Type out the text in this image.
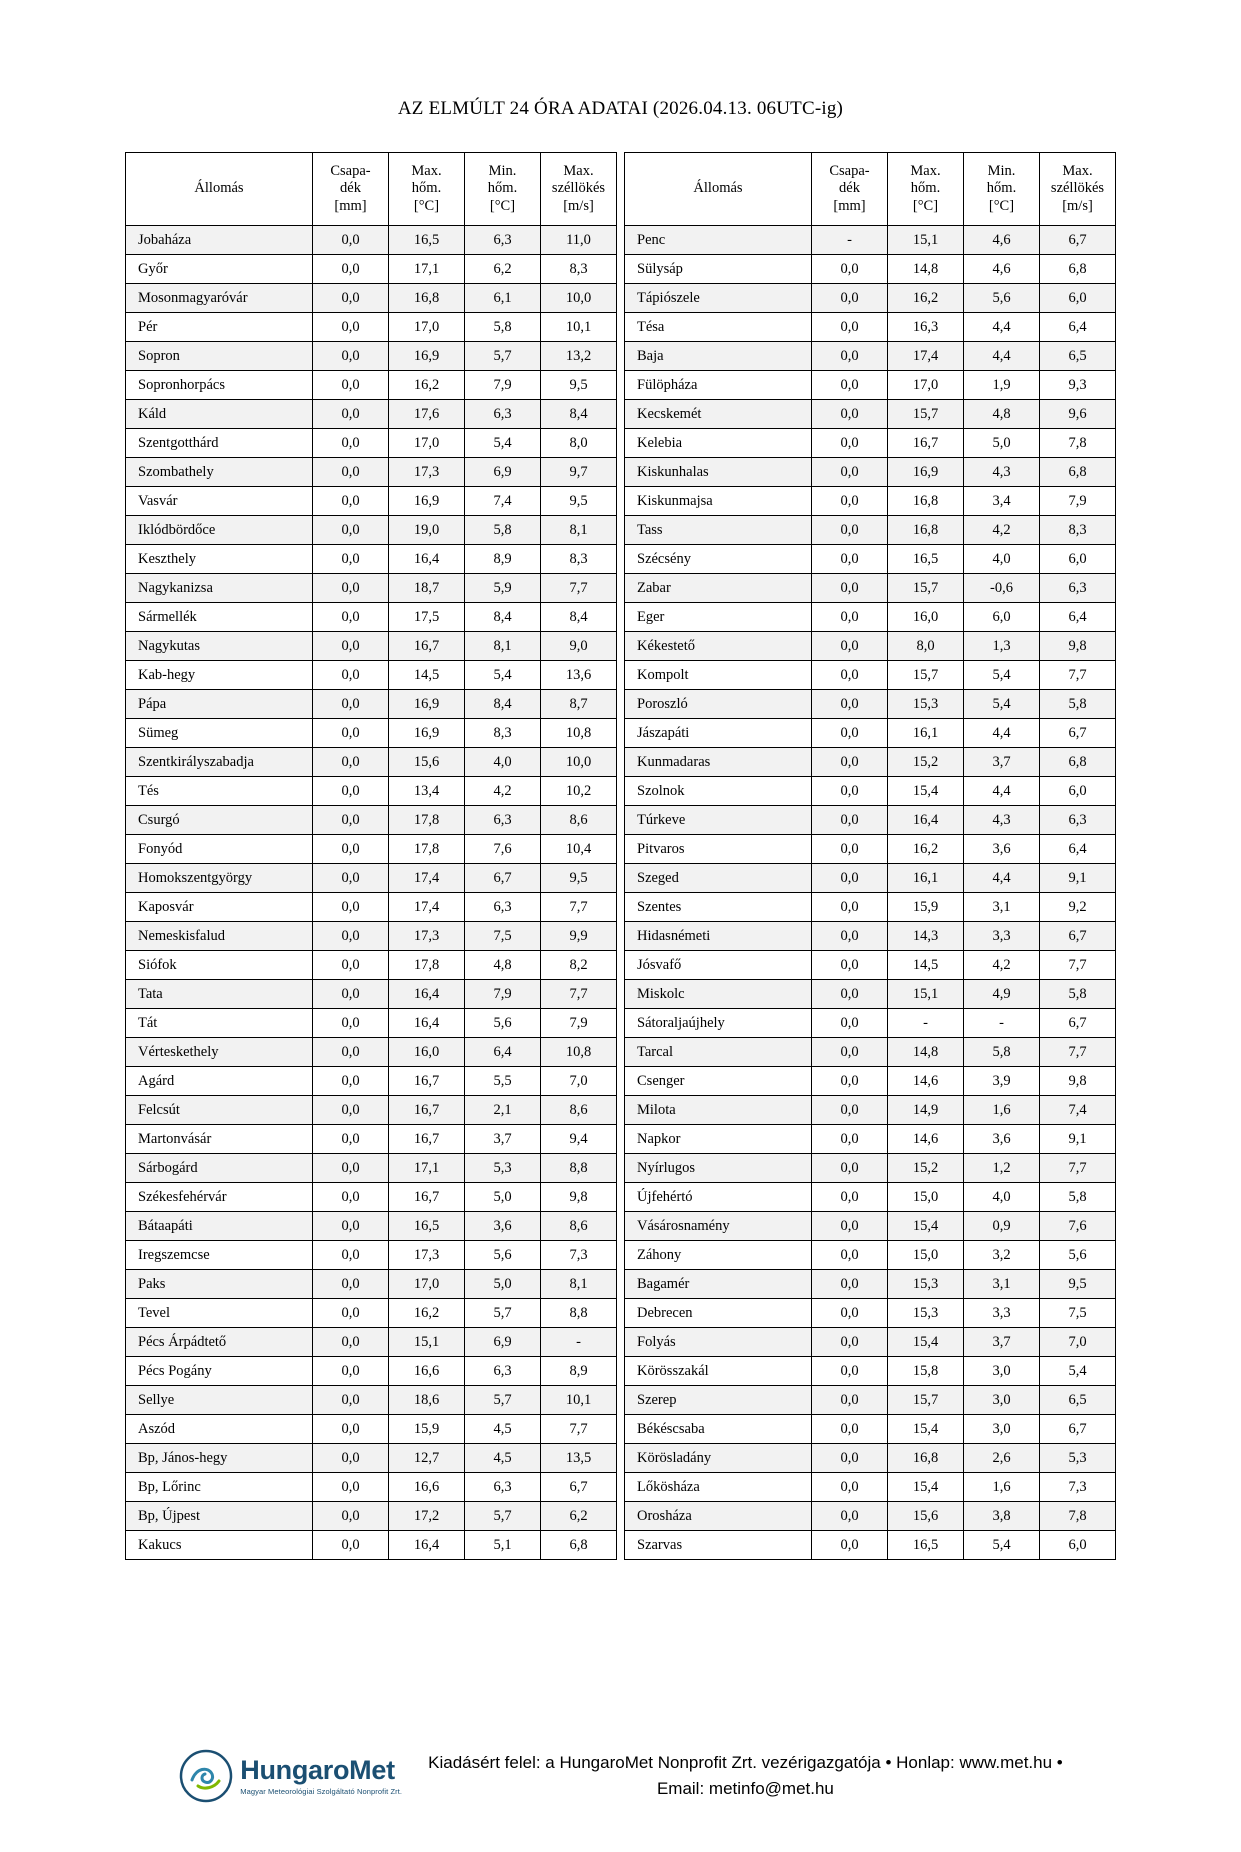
AZ ELMÚLT 24 ÓRA ADATAI (2026.04.13. 06UTC-ig)
Állomás

Csapa-
dék
[mm]

Max.
hőm.
[°C]

Min.
hőm.
[°C]

Max.
széllökés
[m/s]

Jobaháza	0,0	16,5	6,3	11,0
Győr	0,0	17,1	6,2	8,3
Mosonmagyaróvár	0,0	16,8	6,1	10,0
Pér	0,0	17,0	5,8	10,1
Sopron	0,0	16,9	5,7	13,2
Sopronhorpács	0,0	16,2	7,9	9,5
Káld	0,0	17,6	6,3	8,4
Szentgotthárd	0,0	17,0	5,4	8,0
Szombathely	0,0	17,3	6,9	9,7
Vasvár	0,0	16,9	7,4	9,5
Iklódbördőce	0,0	19,0	5,8	8,1
Keszthely	0,0	16,4	8,9	8,3
Nagykanizsa	0,0	18,7	5,9	7,7
Sármellék	0,0	17,5	8,4	8,4
Nagykutas	0,0	16,7	8,1	9,0
Kab-hegy	0,0	14,5	5,4	13,6
Pápa	0,0	16,9	8,4	8,7
Sümeg	0,0	16,9	8,3	10,8
Szentkirályszabadja	0,0	15,6	4,0	10,0
Tés	0,0	13,4	4,2	10,2
Csurgó	0,0	17,8	6,3	8,6
Fonyód	0,0	17,8	7,6	10,4
Homokszentgyörgy	0,0	17,4	6,7	9,5
Kaposvár	0,0	17,4	6,3	7,7
Nemeskisfalud	0,0	17,3	7,5	9,9
Siófok	0,0	17,8	4,8	8,2
Tata	0,0	16,4	7,9	7,7
Tát	0,0	16,4	5,6	7,9
Vérteskethely	0,0	16,0	6,4	10,8
Agárd	0,0	16,7	5,5	7,0
Felcsút	0,0	16,7	2,1	8,6
Martonvásár	0,0	16,7	3,7	9,4
Sárbogárd	0,0	17,1	5,3	8,8
Székesfehérvár	0,0	16,7	5,0	9,8
Bátaapáti	0,0	16,5	3,6	8,6
Iregszemcse	0,0	17,3	5,6	7,3
Paks	0,0	17,0	5,0	8,1
Tevel	0,0	16,2	5,7	8,8
Pécs Árpádtető	0,0	15,1	6,9	-
Pécs Pogány	0,0	16,6	6,3	8,9
Sellye	0,0	18,6	5,7	10,1
Aszód	0,0	15,9	4,5	7,7
Bp, János-hegy	0,0	12,7	4,5	13,5
Bp, Lőrinc	0,0	16,6	6,3	6,7
Bp, Újpest	0,0	17,2	5,7	6,2
Kakucs	0,0	16,4	5,1	6,8
Állomás

Csapa-
dék
[mm]

Max.
hőm.
[°C]

Min.
hőm.
[°C]

Max.
széllökés
[m/s]

Penc	-	15,1	4,6	6,7
Sülysáp	0,0	14,8	4,6	6,8
Tápiószele	0,0	16,2	5,6	6,0
Tésa	0,0	16,3	4,4	6,4
Baja	0,0	17,4	4,4	6,5
Fülöpháza	0,0	17,0	1,9	9,3
Kecskemét	0,0	15,7	4,8	9,6
Kelebia	0,0	16,7	5,0	7,8
Kiskunhalas	0,0	16,9	4,3	6,8
Kiskunmajsa	0,0	16,8	3,4	7,9
Tass	0,0	16,8	4,2	8,3
Szécsény	0,0	16,5	4,0	6,0
Zabar	0,0	15,7	-0,6	6,3
Eger	0,0	16,0	6,0	6,4
Kékestető	0,0	8,0	1,3	9,8
Kompolt	0,0	15,7	5,4	7,7
Poroszló	0,0	15,3	5,4	5,8
Jászapáti	0,0	16,1	4,4	6,7
Kunmadaras	0,0	15,2	3,7	6,8
Szolnok	0,0	15,4	4,4	6,0
Túrkeve	0,0	16,4	4,3	6,3
Pitvaros	0,0	16,2	3,6	6,4
Szeged	0,0	16,1	4,4	9,1
Szentes	0,0	15,9	3,1	9,2
Hidasnémeti	0,0	14,3	3,3	6,7
Jósvafő	0,0	14,5	4,2	7,7
Miskolc	0,0	15,1	4,9	5,8
Sátoraljaújhely	0,0	-	-	6,7
Tarcal	0,0	14,8	5,8	7,7
Csenger	0,0	14,6	3,9	9,8
Milota	0,0	14,9	1,6	7,4
Napkor	0,0	14,6	3,6	9,1
Nyírlugos	0,0	15,2	1,2	7,7
Újfehértó	0,0	15,0	4,0	5,8
Vásárosnamény	0,0	15,4	0,9	7,6
Záhony	0,0	15,0	3,2	5,6
Bagamér	0,0	15,3	3,1	9,5
Debrecen	0,0	15,3	3,3	7,5
Folyás	0,0	15,4	3,7	7,0
Körösszakál	0,0	15,8	3,0	5,4
Szerep	0,0	15,7	3,0	6,5
Békéscsaba	0,0	15,4	3,0	6,7
Körösladány	0,0	16,8	2,6	5,3
Lőkösháza	0,0	15,4	1,6	7,3
Orosháza	0,0	15,6	3,8	7,8
Szarvas	0,0	16,5	5,4	6,0
HungaroMet
Magyar Meteorológiai Szolgáltató Nonprofit Zrt.
Kiadásért felel: a HungaroMet Nonprofit Zrt. vezérigazgatója • Honlap: www.met.hu •
Email: metinfo@met.hu
